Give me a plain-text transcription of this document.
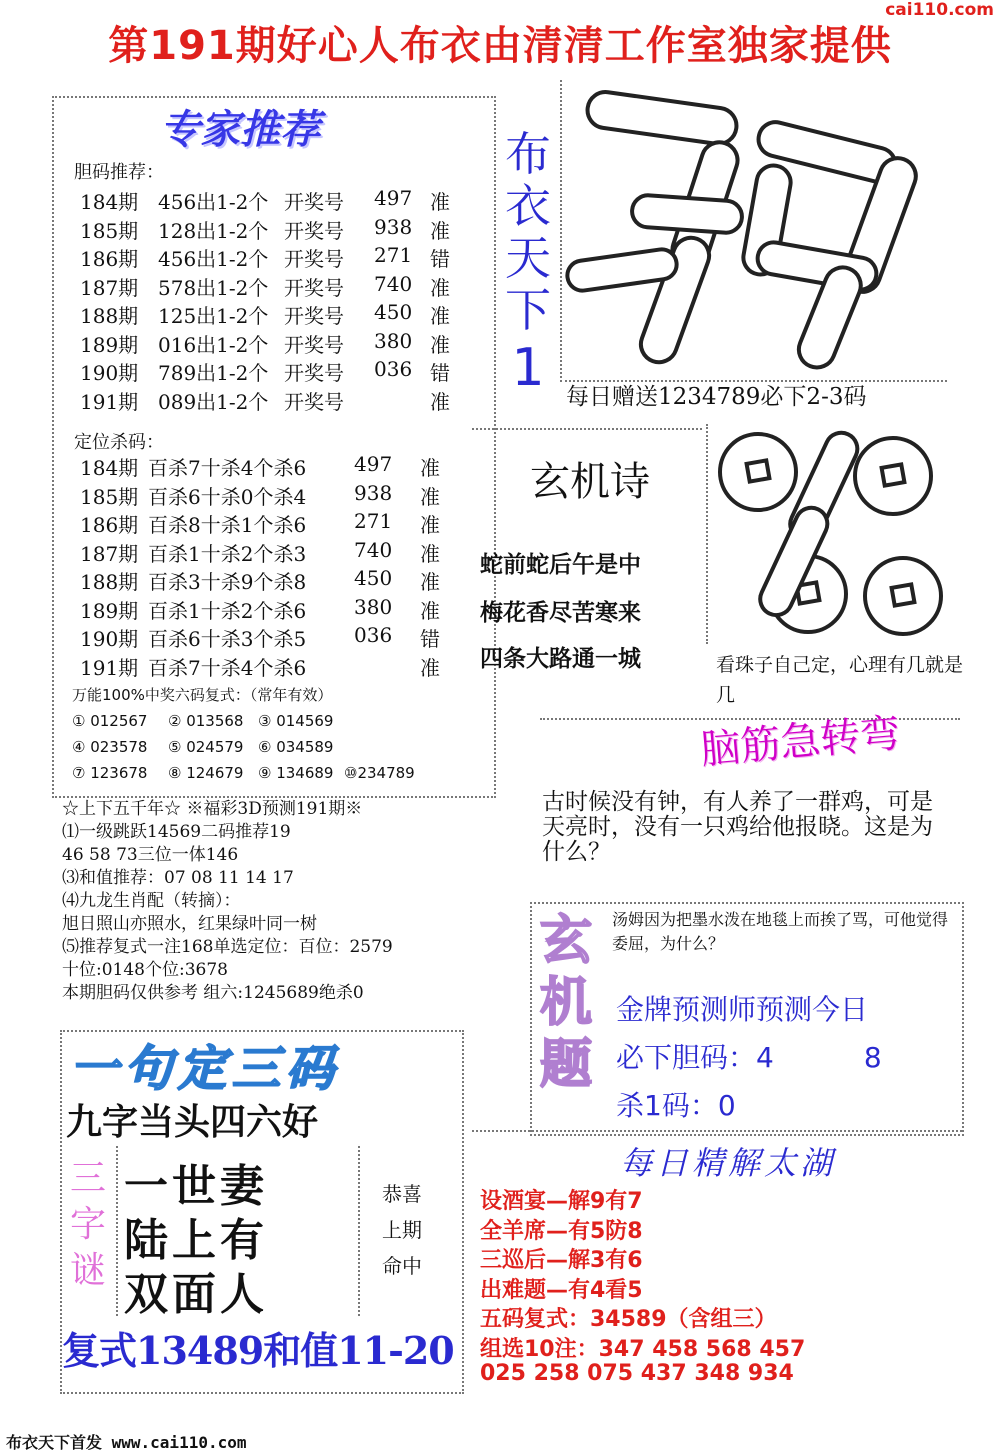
cai110.com
第191期好心人布衣由清清工作室独家提供
专家推荐
胆码推荐：
184期 456出1-2个 开奖号 497 准
185期 128出1-2个 开奖号 938 准
186期 456出1-2个 开奖号 271 错
187期 578出1-2个 开奖号 740 准
188期 125出1-2个 开奖号 450 准
189期 016出1-2个 开奖号 380 准
190期 789出1-2个 开奖号 036 错
191期 089出1-2个 开奖号	准
定位杀码：
184期 百杀7十杀4个杀6 497 准
185期 百杀6十杀0个杀4 938 准
186期 百杀8十杀1个杀6 271 准
187期 百杀1十杀2个杀3 740 准
188期 百杀3十杀9个杀8 450 准
189期 百杀1十杀2个杀6 380 准
190期 百杀6十杀3个杀5 036 错
191期 百杀7十杀4个杀6	准
万能100%中奖六码复式：（常年有效）
① 012567 ② 013568 ③ 014569
④ 023578 ⑤ 024579 ⑥ 034589
⑦ 123678 ⑧ 124679 ⑨ 134689 ⑩234789
☆上下五千年☆ ※福彩3D预测191期※
⑴一级跳跃14569二码推荐19
46 58 73三位一体146
⑶和值推荐：07 08 11 14 17
⑷九龙生肖配（转摘）：
旭日照山亦照水，红果绿叶同一树
⑸推荐复式一注168单选定位：百位：2579
十位:0148个位:3678
本期胆码仅供参考 组六:1245689绝杀0
布
衣
天
下
1 每日赠送1234789必下2-3码
玄机诗
蛇前蛇后午是中
梅花香尽苦寒来
四条大路通一城	看珠子自己定，心理有几就是几
脑筋急转弯
古时候没有钟，有人养了一群鸡，可是天亮时，没有一只鸡给他报晓。这是为什么？
玄
机
题
汤姆因为把墨水泼在地毯上而挨了骂，可他觉得委屈，为什么？
金牌预测师预测今日
必下胆码：4	8
杀1码：0
每日精解太湖
设酒宴—解9有7
全羊席—有5防8
三巡后—解3有6
出难题—有4看5
五码复式：34589（含组三）
组选10注：347 458 568 457
025 258 075 437 348 934
一句定三码
九字当头四六好
三
字
谜
一世妻
陆上有
双面人
恭喜
上期
命中
复式13489和值11-20
布衣天下首发 www.cai110.com
